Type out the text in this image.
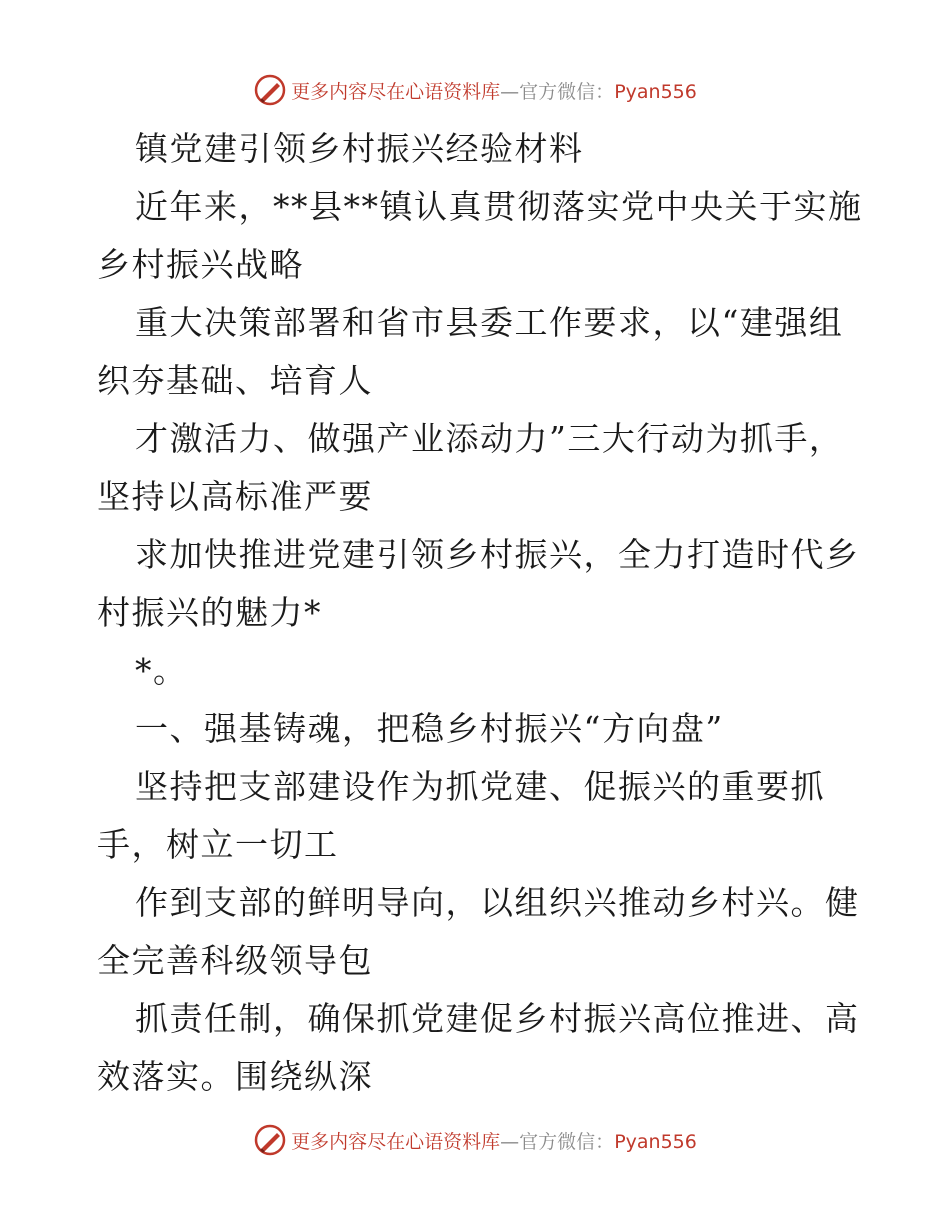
更多内容尽在心语资料库—官方微信：Pyan556
镇党建引领乡村振兴经验材料
近年来，**县**镇认真贯彻落实党中央关于实施
乡村振兴战略
重大决策部署和省市县委工作要求，以“建强组
织夯基础、培育人
才激活力、做强产业添动力”三大行动为抓手，
坚持以高标准严要
求加快推进党建引领乡村振兴，全力打造时代乡
村振兴的魅力*
*。
一、强基铸魂，把稳乡村振兴“方向盘”
坚持把支部建设作为抓党建、促振兴的重要抓
手，树立一切工
作到支部的鲜明导向，以组织兴推动乡村兴。健
全完善科级领导包
抓责任制，确保抓党建促乡村振兴高位推进、高
效落实。围绕纵深
更多内容尽在心语资料库—官方微信：Pyan556
